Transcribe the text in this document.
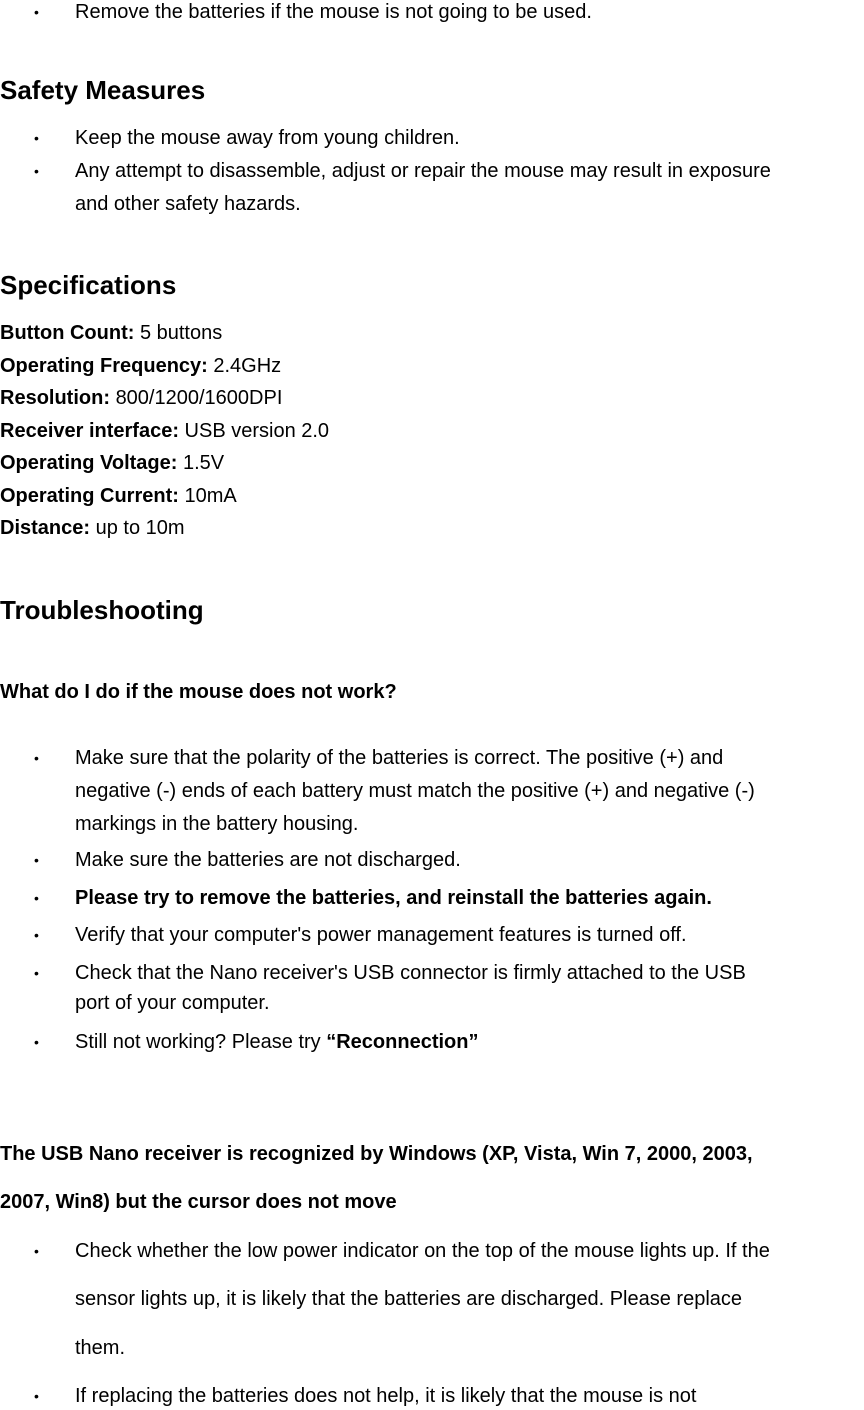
• Remove the batteries if the mouse is not going to be used.
Safety Measures
• Keep the mouse away from young children.
• Any attempt to disassemble, adjust or repair the mouse may result in exposure
and other safety hazards.
Specifications
Button Count: 5 buttons
Operating Frequency: 2.4GHz
Resolution: 800/1200/1600DPI
Receiver interface: USB version 2.0
Operating Voltage: 1.5V
Operating Current: 10mA
Distance: up to 10m
Troubleshooting
What do I do if the mouse does not work?
• Make sure that the polarity of the batteries is correct. The positive (+) and
negative (-) ends of each battery must match the positive (+) and negative (-)
markings in the battery housing.
• Make sure the batteries are not discharged.
• Please try to remove the batteries, and reinstall the batteries again.
• Verify that your computer's power management features is turned off.
• Check that the Nano receiver's USB connector is firmly attached to the USB
port of your computer.
• Still not working? Please try “Reconnection”
The USB Nano receiver is recognized by Windows (XP, Vista, Win 7, 2000, 2003,
2007, Win8) but the cursor does not move
• Check whether the low power indicator on the top of the mouse lights up. If the
sensor lights up, it is likely that the batteries are discharged. Please replace
them.
• If replacing the batteries does not help, it is likely that the mouse is not
